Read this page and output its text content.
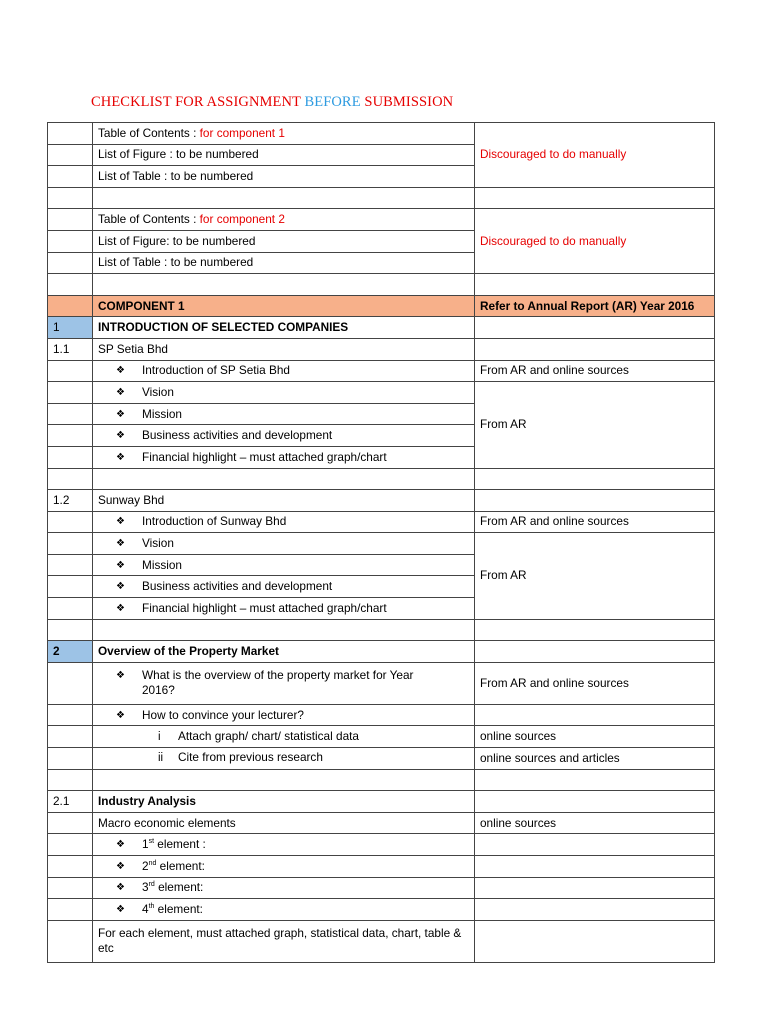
CHECKLIST FOR ASSIGNMENT BEFORE SUBMISSION
	Table of Contents : for component 1	Discouraged to do manually
	List of Figure : to be numbered	
	List of Table : to be numbered	

	Table of Contents : for component 2	Discouraged to do manually
	List of Figure: to be numbered	
	List of Table : to be numbered	

	COMPONENT 1	Refer to Annual Report (AR) Year 2016
1	INTRODUCTION OF SELECTED COMPANIES	
1.1	SP Setia Bhd	
	❖ Introduction of SP Setia Bhd	From AR and online sources
	❖ Vision	From AR
	❖ Mission	
	❖ Business activities and development	
	❖ Financial highlight – must attached graph/chart	

1.2	Sunway Bhd	
	❖ Introduction of Sunway Bhd	From AR and online sources
	❖ Vision	From AR
	❖ Mission	
	❖ Business activities and development	
	❖ Financial highlight – must attached graph/chart	

2	Overview of the Property Market	
	❖ What is the overview of the property market for Year 2016?	From AR and online sources
	❖ How to convince your lecturer?	
	i Attach graph/ chart/ statistical data	online sources
	ii Cite from previous research	online sources and articles

2.1	Industry Analysis	
	Macro economic elements	online sources
	❖ 1st element :	
	❖ 2nd element:	
	❖ 3rd element:	
	❖ 4th element:	
	For each element, must attached graph, statistical data, chart, table & etc	
